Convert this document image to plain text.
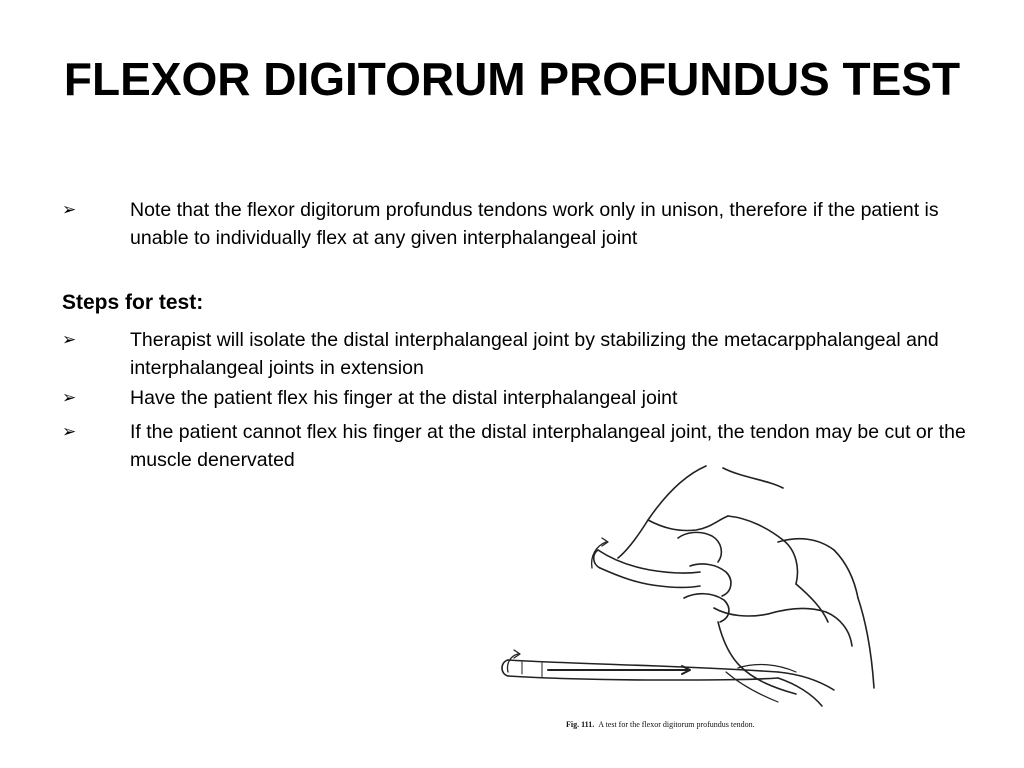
FLEXOR DIGITORUM PROFUNDUS TEST
➢	Note that the flexor digitorum profundus tendons work only in unison, therefore if the patient is unable to individually flex at any given interphalangeal joint
Steps for test:
➢	Therapist will isolate the distal interphalangeal joint by stabilizing the metacarpphalangeal and interphalangeal joints in extension
➢	Have the patient flex his finger at the distal interphalangeal joint
➢	If the patient cannot flex his finger at the distal interphalangeal joint, the tendon may be cut or the muscle denervated
Fig. 111. A test for the flexor digitorum profundus tendon.
